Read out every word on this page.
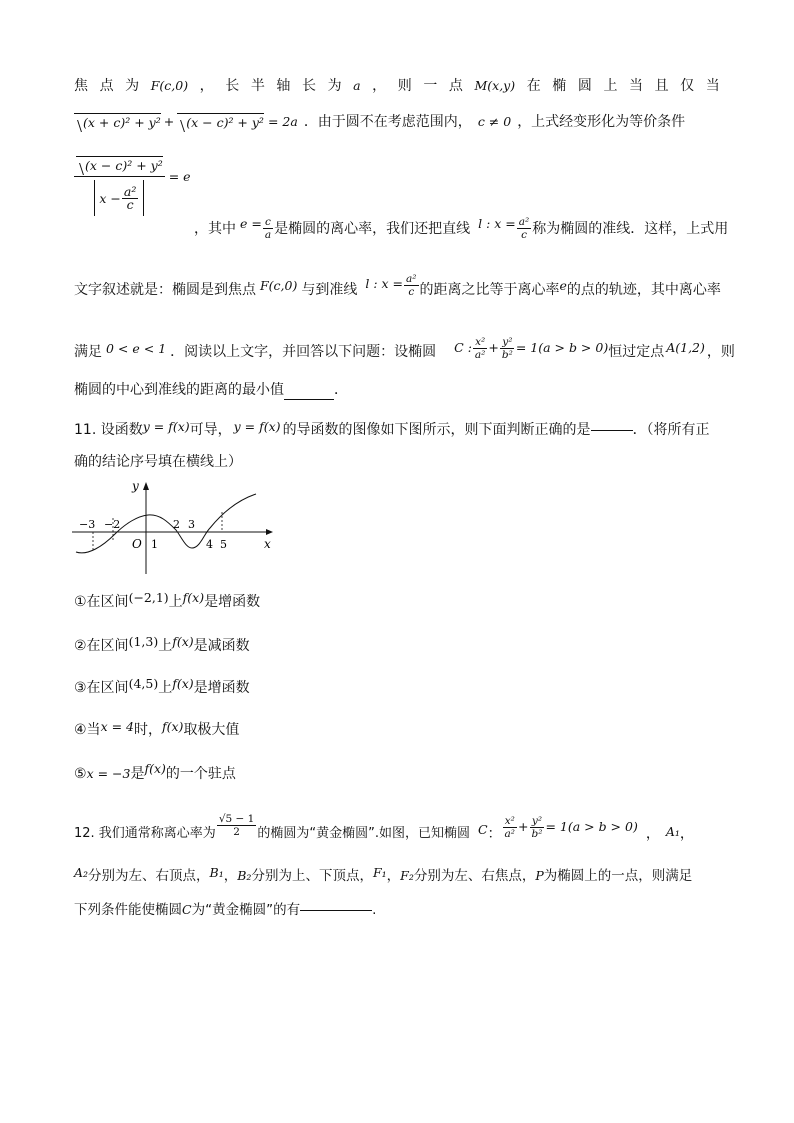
焦 点 为 F(c,0) ， 长 半 轴 长 为 a ， 则 一 点 M(x,y) 在 椭 圆 上 当 且 仅 当
(x + c)² + y² + (x − c)² + y² = 2a ．由于圆不在考虑范围内， c ≠ 0 ，上式经变形化为等价条件
$\frac{\text{(x − c)² + y²}}{x - \frac{\text{a²}}{c}} = e$
，其中 $e = \frac{c}{a}$ 是椭圆的离心率，我们还把直线 l : $x = \frac{\text{a²}}{c}$ 称为椭圆的准线．这样，上式用
文字叙述就是：椭圆是到焦点 F(c,0) 与到准线 l : $x = \frac{\text{a²}}{c}$ 的距离之比等于离心率 e 的点的轨迹，其中离心率
满足 0 < e < 1 ．阅读以上文字，并回答以下问题：设椭圆 C : $\frac{\text{x²}}{\text{a²}} + \frac{\text{y²}}{\text{b²}} = 1(a > b > 0)$ 恒过定点 A(1,2) ，则
椭圆的中心到准线的距离的最小值	．
11. 设函数 y = f(x) 可导， y = f(x) 的导函数的图像如下图所示，则下面判断正确的是	．（将所有正
确的结论序号填在横线上）
y
x
O
−3 −2
1
2 3
4 5
①在区间 (−2,1) 上 f(x) 是增函数
②在区间 (1,3) 上 f(x) 是减函数
③在区间 (4,5) 上 f(x) 是增函数
④当 x = 4 时， f(x) 取极大值
⑤ x = −3 是 f(x) 的一个驻点
12. 我们通常称离心率为 $\frac{√5 - 1}{2}$ 的椭圆为“黄金椭圆”.如图，已知椭圆 C ： $\frac{\text{x²}}{\text{a²}} + \frac{\text{y²}}{\text{b²}} = 1(a > b > 0)$ ， A₁ ，
A₂ 分别为左、右顶点， B₁ ， B₂ 分别为上、下顶点， F₁ ， F₂ 分别为左、右焦点， P 为椭圆上的一点，则满足
下列条件能使椭圆 C 为“黄金椭圆”的有	.
